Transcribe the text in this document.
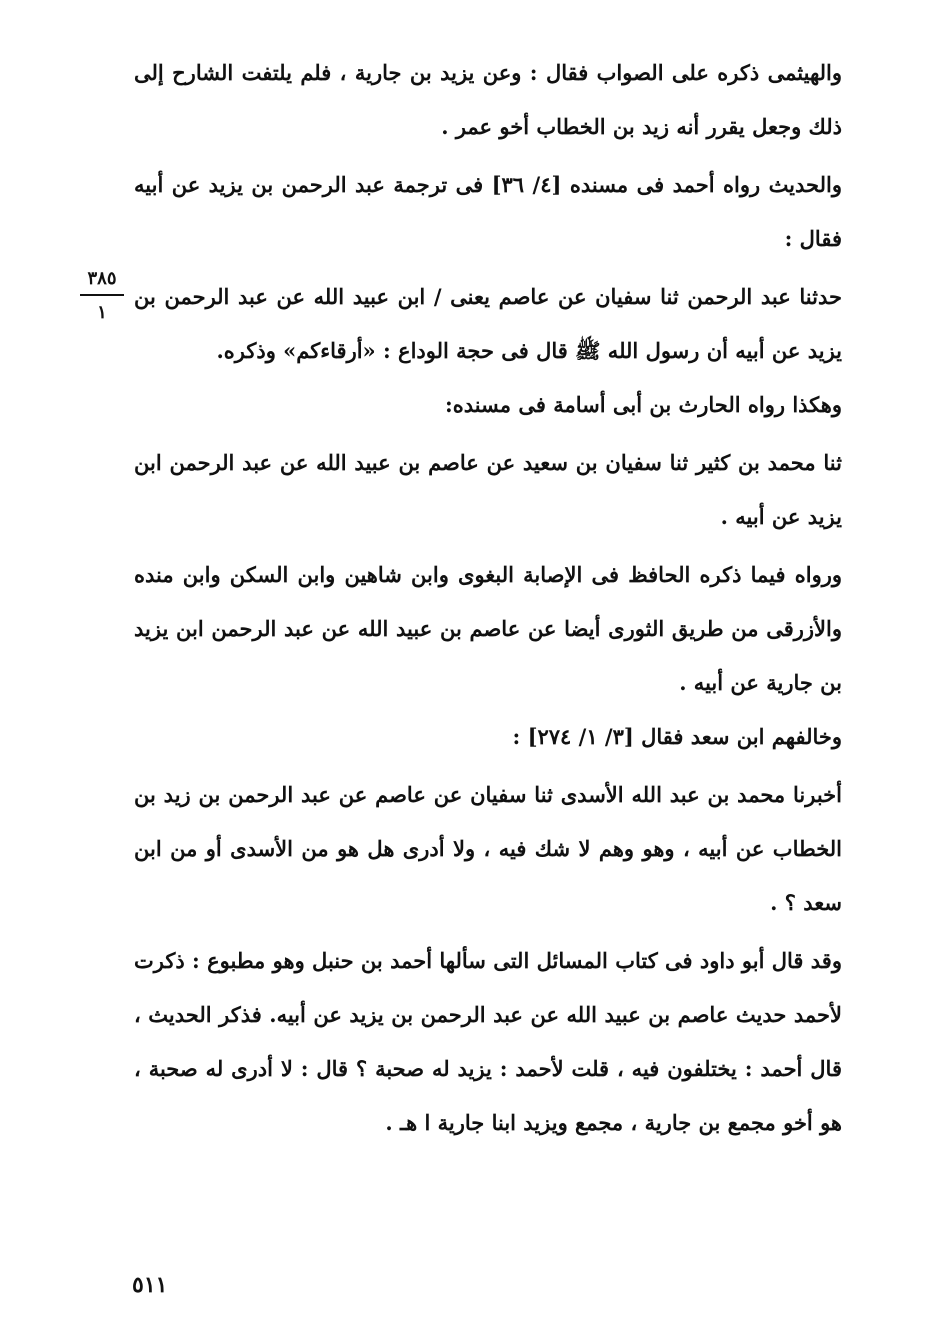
والهيثمى ذكره على الصواب فقال : وعن يزيد بن جارية ، فلم يلتفت الشارح إلى ذلك وجعل يقرر أنه زيد بن الخطاب أخو عمر .

والحديث رواه أحمد فى مسنده [٤/ ٣٦] فى ترجمة عبد الرحمن بن يزيد عن أبيه فقال :

حدثنا عبد الرحمن ثنا سفيان عن عاصم يعنى / ابن عبيد الله عن عبد الرحمن بن يزيد عن أبيه أن رسول الله ﷺ قال فى حجة الوداع : «أرقاءكم» وذكره.

وهكذا رواه الحارث بن أبى أسامة فى مسنده:

ثنا محمد بن كثير ثنا سفيان بن سعيد عن عاصم بن عبيد الله عن عبد الرحمن ابن يزيد عن أبيه .

ورواه فيما ذكره الحافظ فى الإصابة البغوى وابن شاهين وابن السكن وابن منده والأزرقى من طريق الثورى أيضا عن عاصم بن عبيد الله عن عبد الرحمن ابن يزيد بن جارية عن أبيه .

وخالفهم ابن سعد فقال [٣/ ١/ ٢٧٤] :

أخبرنا محمد بن عبد الله الأسدى ثنا سفيان عن عاصم عن عبد الرحمن بن زيد بن الخطاب عن أبيه ، وهو وهم لا شك فيه ، ولا أدرى هل هو من الأسدى أو من ابن سعد ؟ .

وقد قال أبو داود فى كتاب المسائل التى سألها أحمد بن حنبل وهو مطبوع : ذكرت لأحمد حديث عاصم بن عبيد الله عن عبد الرحمن بن يزيد عن أبيه. فذكر الحديث ، قال أحمد : يختلفون فيه ، قلت لأحمد : يزيد له صحبة ؟ قال : لا أدرى له صحبة ، هو أخو مجمع بن جارية ، مجمع ويزيد ابنا جارية ا هـ .

٣٨٥
١
٥١١
